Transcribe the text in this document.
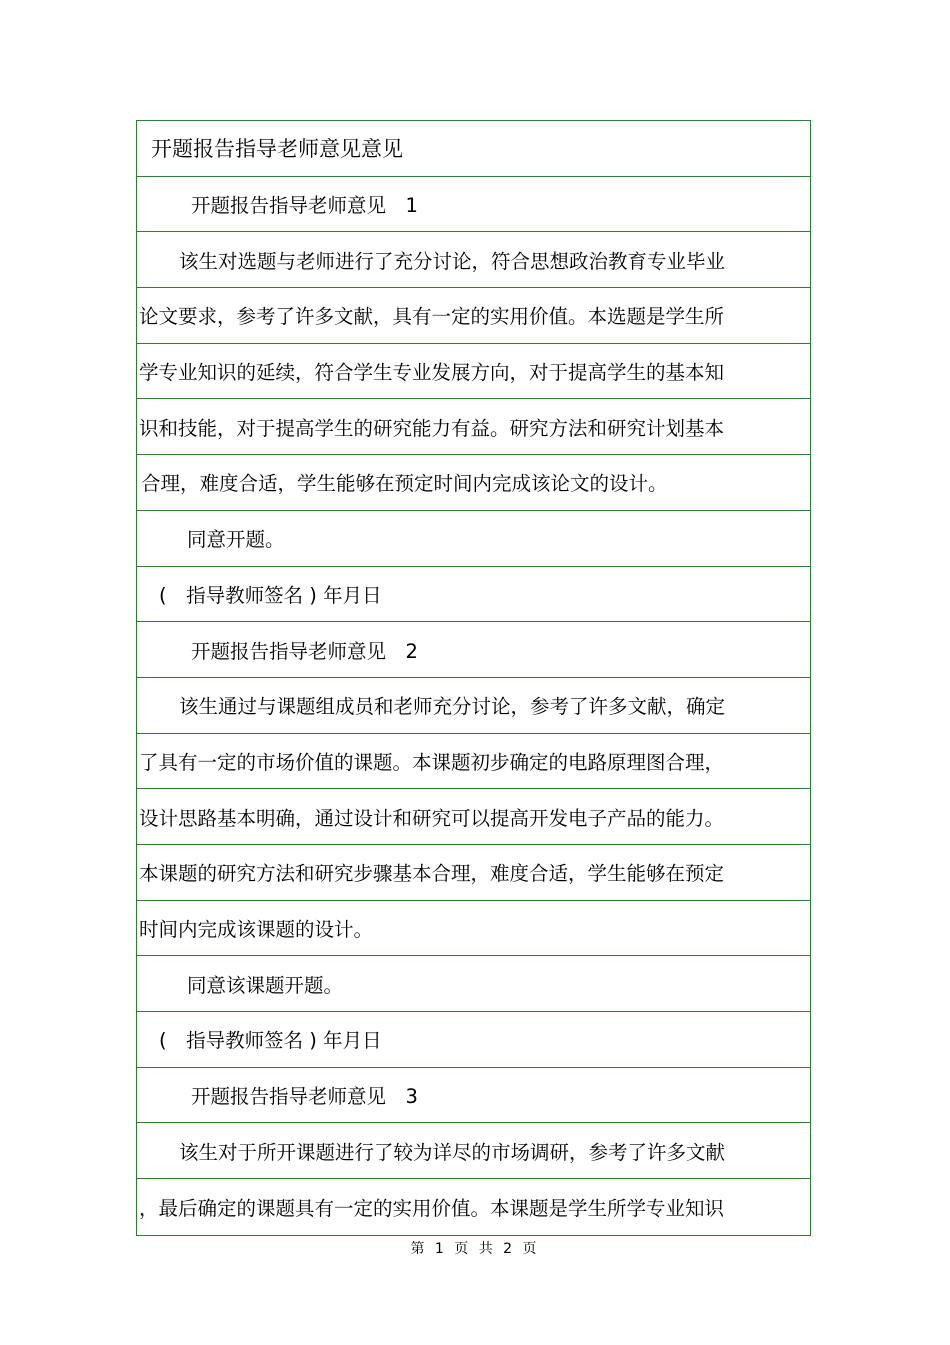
开题报告指导老师意见意见
开题报告指导老师意见　1
该生对选题与老师进行了充分讨论，符合思想政治教育专业毕业
论文要求，参考了许多文献，具有一定的实用价值。本选题是学生所
学专业知识的延续，符合学生专业发展方向，对于提高学生的基本知
识和技能，对于提高学生的研究能力有益。研究方法和研究计划基本
合理，难度合适，学生能够在预定时间内完成该论文的设计。
同意开题。
(　指导教师签名 ) 年月日
开题报告指导老师意见　2
该生通过与课题组成员和老师充分讨论，参考了许多文献，确定
了具有一定的市场价值的课题。本课题初步确定的电路原理图合理，
设计思路基本明确，通过设计和研究可以提高开发电子产品的能力。
本课题的研究方法和研究步骤基本合理，难度合适，学生能够在预定
时间内完成该课题的设计。
同意该课题开题。
(　指导教师签名 ) 年月日
开题报告指导老师意见　3
该生对于所开课题进行了较为详尽的市场调研，参考了许多文献
，最后确定的课题具有一定的实用价值。本课题是学生所学专业知识
第 1 页 共 2 页
